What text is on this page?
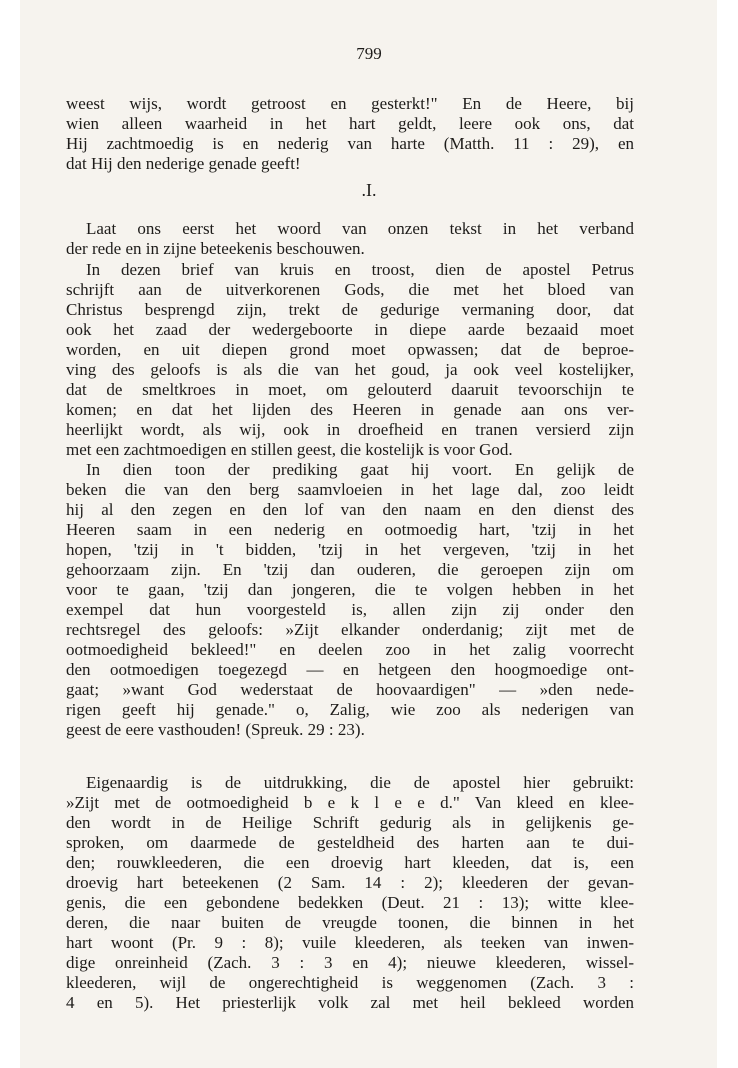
799
weest wijs, wordt getroost en gesterkt!" En de Heere, bij
wien alleen waarheid in het hart geldt, leere ook ons, dat
Hij zachtmoedig is en nederig van harte (Matth. 11 : 29), en
dat Hij den nederige genade geeft!
.I.
Laat ons eerst het woord van onzen tekst in het verband
der rede en in zijne beteekenis beschouwen.
In dezen brief van kruis en troost, dien de apostel Petrus
schrijft aan de uitverkorenen Gods, die met het bloed van
Christus besprengd zijn, trekt de gedurige vermaning door, dat
ook het zaad der wedergeboorte in diepe aarde bezaaid moet
worden, en uit diepen grond moet opwassen; dat de beproe-
ving des geloofs is als die van het goud, ja ook veel kostelijker,
dat de smeltkroes in moet, om gelouterd daaruit tevoorschijn te
komen; en dat het lijden des Heeren in genade aan ons ver-
heerlijkt wordt, als wij, ook in droefheid en tranen versierd zijn
met een zachtmoedigen en stillen geest, die kostelijk is voor God.
In dien toon der prediking gaat hij voort. En gelijk de
beken die van den berg saamvloeien in het lage dal, zoo leidt
hij al den zegen en den lof van den naam en den dienst des
Heeren saam in een nederig en ootmoedig hart, 'tzij in het
hopen, 'tzij in 't bidden, 'tzij in het vergeven, 'tzij in het
gehoorzaam zijn. En 'tzij dan ouderen, die geroepen zijn om
voor te gaan, 'tzij dan jongeren, die te volgen hebben in het
exempel dat hun voorgesteld is, allen zijn zij onder den
rechtsregel des geloofs: »Zijt elkander onderdanig; zijt met de
ootmoedigheid bekleed!" en deelen zoo in het zalig voorrecht
den ootmoedigen toegezegd — en hetgeen den hoogmoedige ont-
gaat; »want God wederstaat de hoovaardigen" — »den nede-
rigen geeft hij genade." o, Zalig, wie zoo als nederigen van
geest de eere vasthouden! (Spreuk. 29 : 23).
Eigenaardig is de uitdrukking, die de apostel hier gebruikt:
»Zijt met de ootmoedigheid b e k l e e d." Van kleed en klee-
den wordt in de Heilige Schrift gedurig als in gelijkenis ge-
sproken, om daarmede de gesteldheid des harten aan te dui-
den; rouwkleederen, die een droevig hart kleeden, dat is, een
droevig hart beteekenen (2 Sam. 14 : 2); kleederen der gevan-
genis, die een gebondene bedekken (Deut. 21 : 13); witte klee-
deren, die naar buiten de vreugde toonen, die binnen in het
hart woont (Pr. 9 : 8); vuile kleederen, als teeken van inwen-
dige onreinheid (Zach. 3 : 3 en 4); nieuwe kleederen, wissel-
kleederen, wijl de ongerechtigheid is weggenomen (Zach. 3 :
4 en 5). Het priesterlijk volk zal met heil bekleed worden
